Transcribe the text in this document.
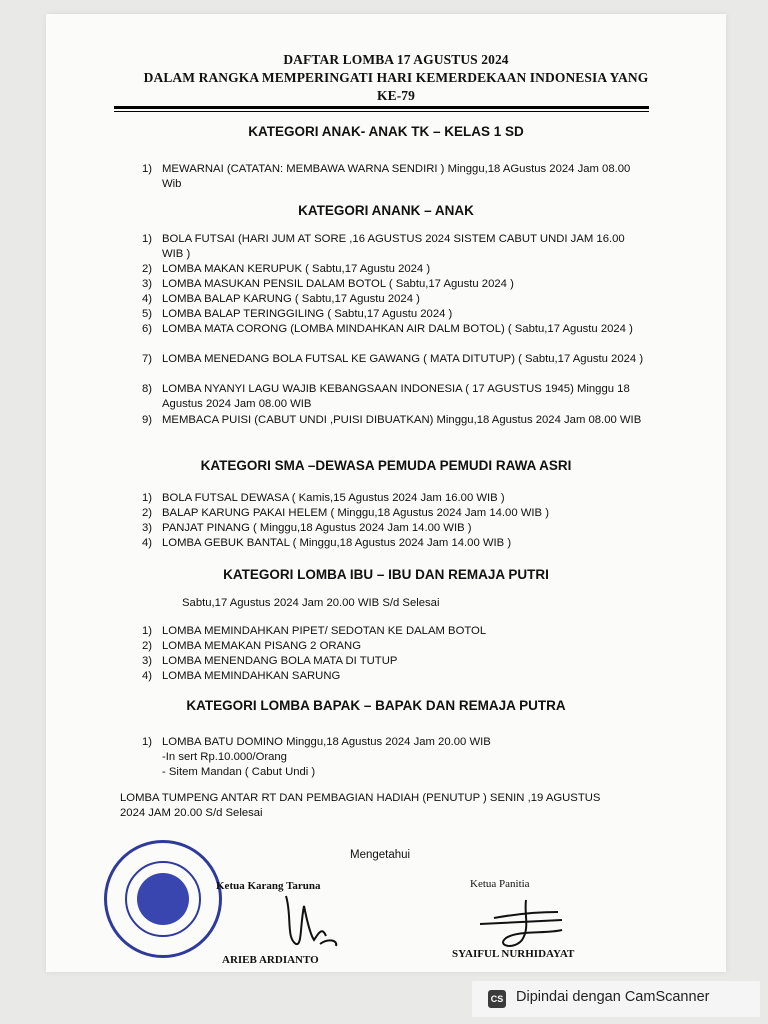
DAFTAR LOMBA 17 AGUSTUS 2024
DALAM RANGKA MEMPERINGATI HARI KEMERDEKAAN INDONESIA YANG
KE-79
KATEGORI ANAK- ANAK TK – KELAS 1 SD
1) MEWARNAI (CATATAN: MEMBAWA WARNA SENDIRI ) Minggu,18 AGustus 2024 Jam 08.00 Wib
KATEGORI ANANK – ANAK
1) BOLA FUTSAI (HARI JUM AT SORE ,16 AGUSTUS 2024 SISTEM CABUT UNDI JAM 16.00 WIB )
2) LOMBA MAKAN KERUPUK ( Sabtu,17 Agustu 2024 )
3) LOMBA MASUKAN PENSIL DALAM BOTOL ( Sabtu,17 Agustu 2024 )
4) LOMBA BALAP KARUNG ( Sabtu,17 Agustu 2024 )
5) LOMBA BALAP TERINGGILING ( Sabtu,17 Agustu 2024 )
6) LOMBA MATA CORONG (LOMBA MINDAHKAN AIR DALM BOTOL) ( Sabtu,17 Agustu 2024 )
7) LOMBA MENEDANG BOLA FUTSAL KE GAWANG ( MATA DITUTUP) ( Sabtu,17 Agustu 2024 )
8) LOMBA NYANYI LAGU WAJIB KEBANGSAAN INDONESIA ( 17 AGUSTUS 1945) Minggu 18 Agustus 2024 Jam 08.00 WIB
9) MEMBACA PUISI (CABUT UNDI ,PUISI DIBUATKAN) Minggu,18 Agustus 2024 Jam 08.00 WIB
KATEGORI SMA –DEWASA PEMUDA PEMUDI RAWA ASRI
1) BOLA FUTSAL DEWASA ( Kamis,15 Agustus 2024 Jam 16.00 WIB )
2) BALAP KARUNG PAKAI HELEM ( Minggu,18 Agustus 2024 Jam 14.00 WIB )
3) PANJAT PINANG ( Minggu,18 Agustus 2024 Jam 14.00 WIB )
4) LOMBA GEBUK BANTAL ( Minggu,18 Agustus 2024 Jam 14.00 WIB )
KATEGORI LOMBA IBU – IBU DAN REMAJA PUTRI
Sabtu,17 Agustus 2024 Jam 20.00 WIB S/d Selesai
1) LOMBA MEMINDAHKAN PIPET/ SEDOTAN KE DALAM BOTOL
2) LOMBA MEMAKAN PISANG 2 ORANG
3) LOMBA MENENDANG BOLA MATA DI TUTUP
4) LOMBA MEMINDAHKAN SARUNG
KATEGORI LOMBA BAPAK – BAPAK DAN REMAJA PUTRA
1) LOMBA BATU DOMINO Minggu,18 Agustus 2024 Jam 20.00 WIB
-In sert Rp.10.000/Orang
- Sitem Mandan ( Cabut Undi )
LOMBA TUMPENG ANTAR RT DAN PEMBAGIAN HADIAH (PENUTUP ) SENIN ,19 AGUSTUS
2024 JAM 20.00 S/d Selesai
Mengetahui
Ketua Karang Taruna
ARIEB ARDIANTO
Ketua Panitia
SYAIFUL NURHIDAYAT
CS Dipindai dengan CamScanner
